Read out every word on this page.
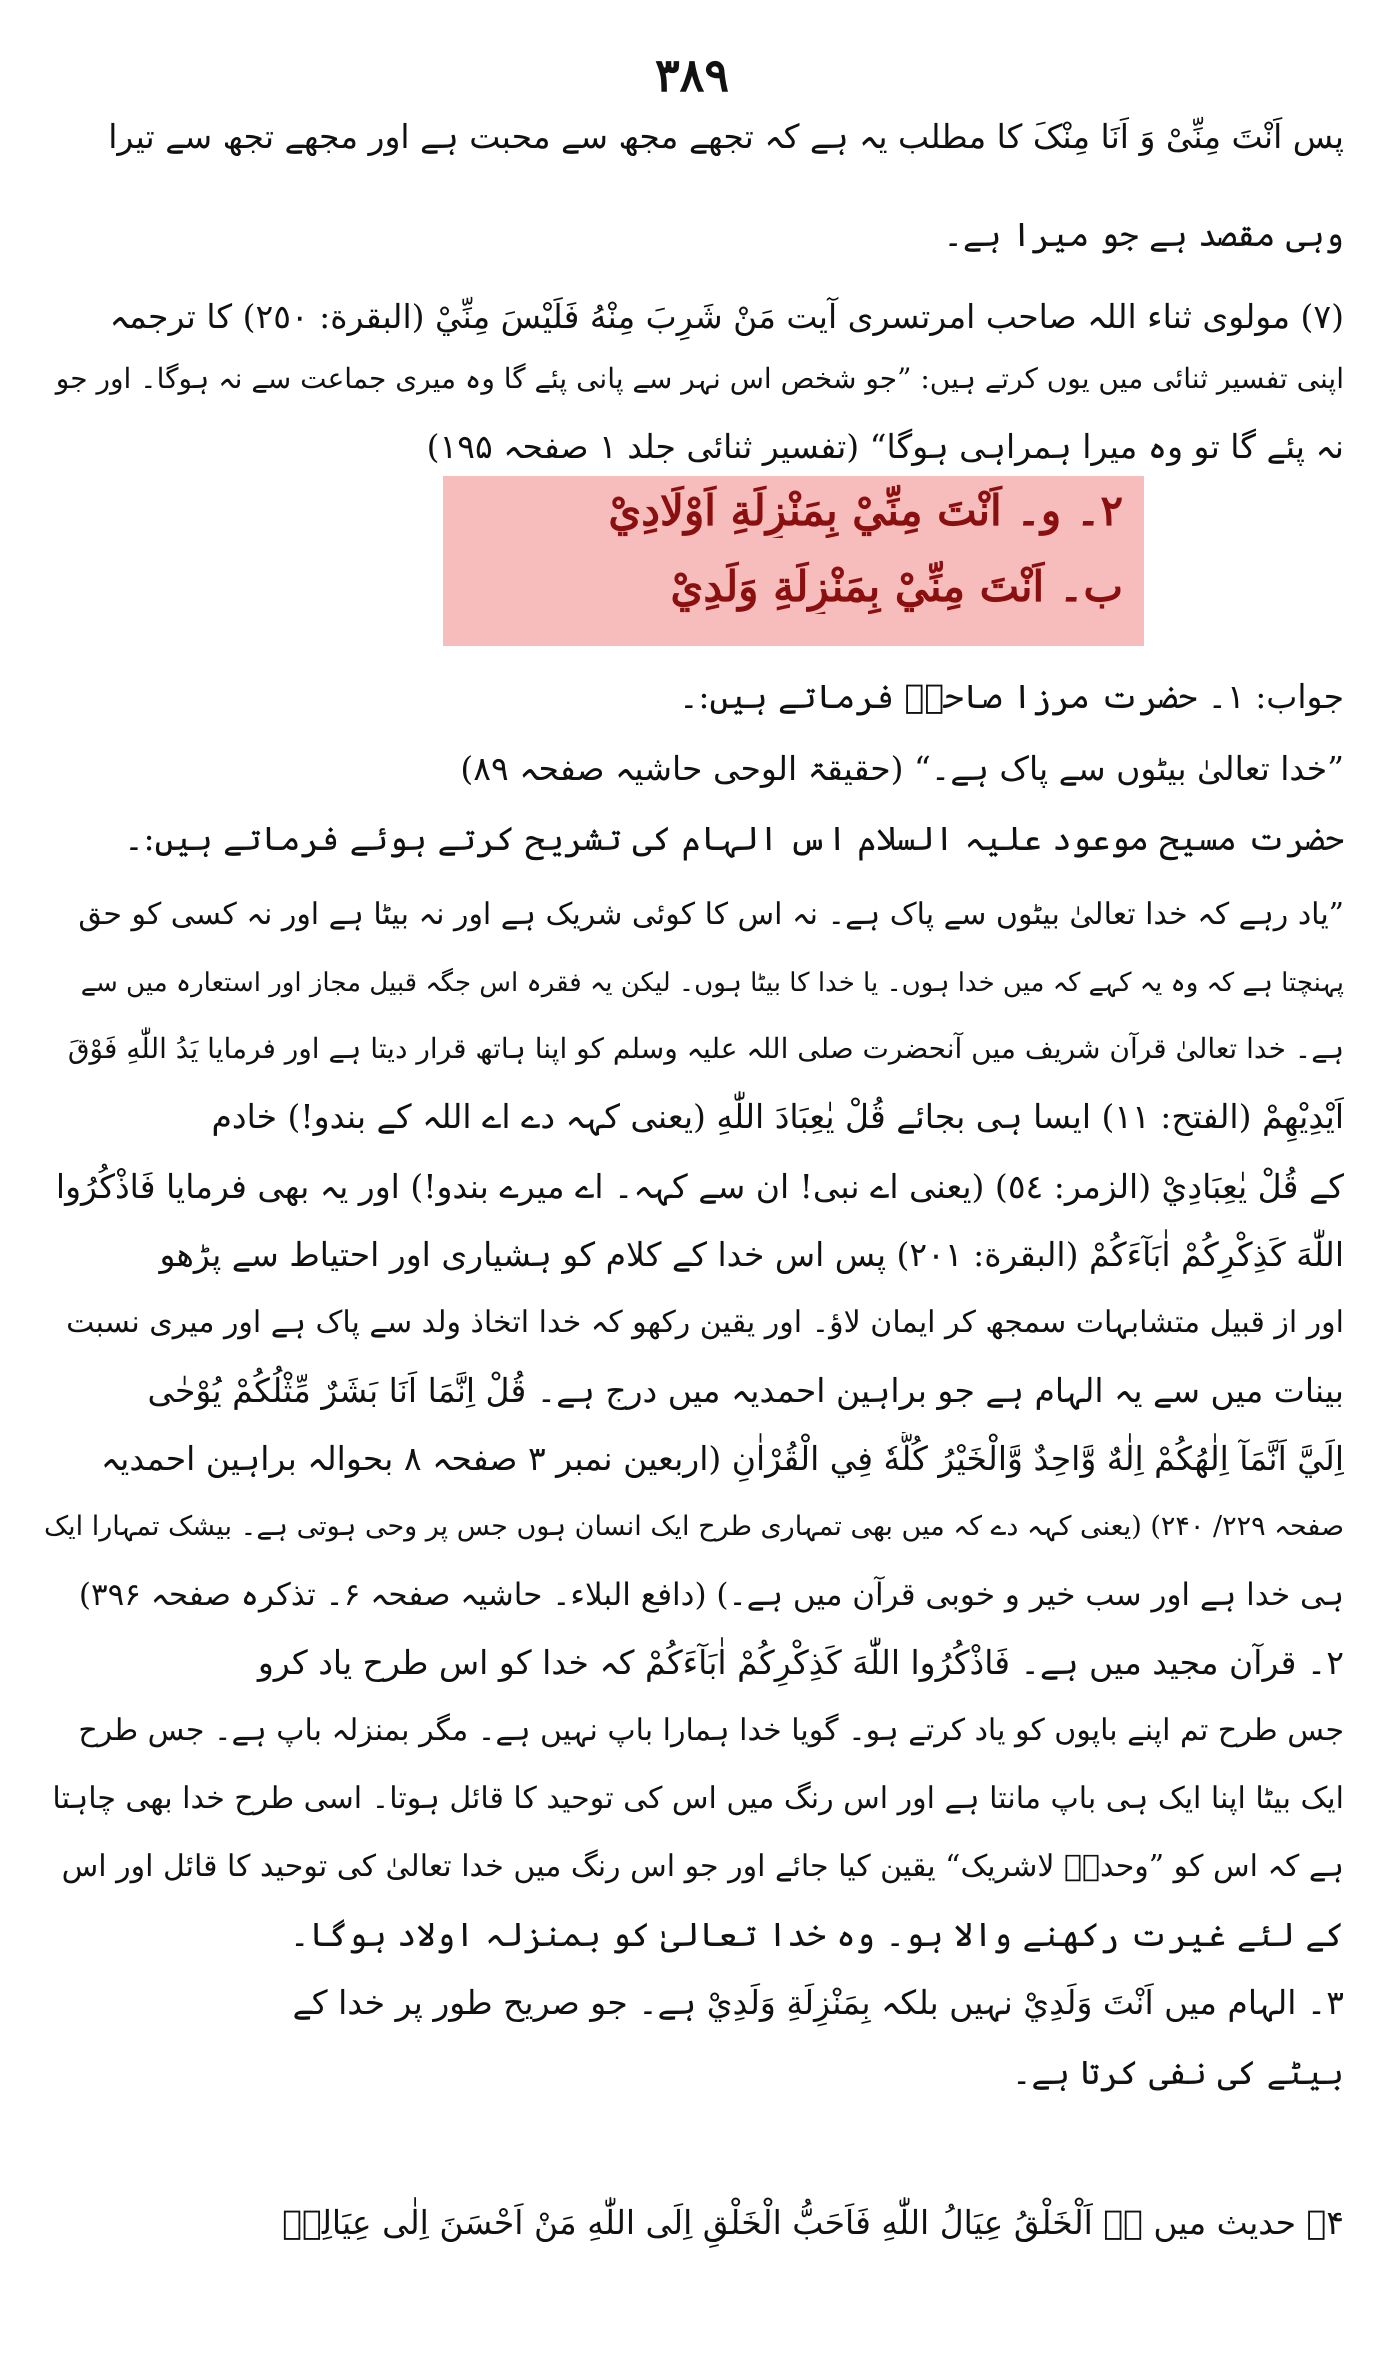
۳۸۹
۲۔ و۔ اَنْتَ مِنِّيْ بِمَنْزِلَةِ اَوْلَادِيْ
ب۔ اَنْتَ مِنِّيْ بِمَنْزِلَةِ وَلَدِيْ
پس اَنْتَ مِنِّیْ وَ اَنَا مِنْکَ کا مطلب یہ ہے کہ تجھے مجھ سے محبت ہے اور مجھے تجھ سے تیرا
وہی مقصد ہے جو میرا ہے۔
(۷) مولوی ثناء اللہ صاحب امرتسری آیت مَنْ شَرِبَ مِنْهُ فَلَيْسَ مِنِّيْ (البقرة: ٢٥٠) کا ترجمہ
اپنی تفسیر ثنائی میں یوں کرتے ہیں: ”جو شخص اس نہر سے پانی پئے گا وہ میری جماعت سے نہ ہوگا۔ اور جو
نہ پئے گا تو وہ میرا ہمراہی ہوگا“ (تفسیر ثنائی جلد ۱ صفحہ ۱۹۵)
جواب: ۱۔ حضرت مرزا صاحبؑ فرماتے ہیں:۔
”خدا تعالیٰ بیٹوں سے پاک ہے۔“ (حقیقۃ الوحی حاشیہ صفحہ ۸۹)
حضرت مسیح موعود علیہ السلام اس الہام کی تشریح کرتے ہوئے فرماتے ہیں:۔
”یاد رہے کہ خدا تعالیٰ بیٹوں سے پاک ہے۔ نہ اس کا کوئی شریک ہے اور نہ بیٹا ہے اور نہ کسی کو حق
پہنچتا ہے کہ وہ یہ کہے کہ میں خدا ہوں۔ یا خدا کا بیٹا ہوں۔ لیکن یہ فقرہ اس جگہ قبیل مجاز اور استعارہ میں سے
ہے۔ خدا تعالیٰ قرآن شریف میں آنحضرت صلی اللہ علیہ وسلم کو اپنا ہاتھ قرار دیتا ہے اور فرمایا یَدُ اللّٰهِ فَوْقَ
اَيْدِيْهِمْ (الفتح: ١١) ایسا ہی بجائے قُلْ يٰعِبَادَ اللّٰهِ (یعنی کہہ دے اے اللہ کے بندو!) خادم
کے قُلْ يٰعِبَادِيْ (الزمر: ٥٤) (یعنی اے نبی! ان سے کہہ۔ اے میرے بندو!) اور یہ بھی فرمایا فَاذْكُرُوا
اللّٰهَ كَذِكْرِكُمْ اٰبَآءَكُمْ (البقرة: ٢٠١) پس اس خدا کے کلام کو ہشیاری اور احتیاط سے پڑھو
اور از قبیل متشابہات سمجھ کر ایمان لاؤ۔ اور یقین رکھو کہ خدا اتخاذ ولد سے پاک ہے اور میری نسبت
بینات میں سے یہ الہام ہے جو براہین احمدیہ میں درج ہے۔ قُلْ اِنَّمَا اَنَا بَشَرٌ مِّثْلُكُمْ يُوْحٰى
اِلَيَّ اَنَّمَآ اِلٰهُكُمْ اِلٰهٌ وَّاحِدٌ وَّالْخَيْرُ كُلُّهٗ فِي الْقُرْاٰنِ (اربعین نمبر ۳ صفحہ ۸ بحوالہ براہین احمدیہ
صفحہ ۲۲۹/ ۲۴۰) (یعنی کہہ دے کہ میں بھی تمہاری طرح ایک انسان ہوں جس پر وحی ہوتی ہے۔ بیشک تمہارا ایک
ہی خدا ہے اور سب خیر و خوبی قرآن میں ہے۔) (دافع البلاء۔ حاشیہ صفحہ ۶۔ تذکرہ صفحہ ۳۹۶)
۲۔ قرآن مجید میں ہے۔ فَاذْكُرُوا اللّٰهَ كَذِكْرِكُمْ اٰبَآءَكُمْ کہ خدا کو اس طرح یاد کرو
جس طرح تم اپنے باپوں کو یاد کرتے ہو۔ گویا خدا ہمارا باپ نہیں ہے۔ مگر بمنزلہ باپ ہے۔ جس طرح
ایک بیٹا اپنا ایک ہی باپ مانتا ہے اور اس رنگ میں اس کی توحید کا قائل ہوتا۔ اسی طرح خدا بھی چاہتا
ہے کہ اس کو ”وحدہٗ لاشریک“ یقین کیا جائے اور جو اس رنگ میں خدا تعالیٰ کی توحید کا قائل اور اس
کے لئے غیرت رکھنے والا ہو۔ وہ خدا تعالیٰ کو بمنزلہ اولاد ہوگا۔
۳۔ الہام میں اَنْتَ وَلَدِيْ نہیں بلکہ بِمَنْزِلَةِ وَلَدِيْ ہے۔ جو صریح طور پر خدا کے
بیٹے کی نفی کرتا ہے۔
۴۔ حدیث میں ہے اَلْخَلْقُ عِيَالُ اللّٰهِ فَاَحَبُّ الْخَلْقِ اِلَى اللّٰهِ مَنْ اَحْسَنَ اِلٰى عِيَالِهٖ
